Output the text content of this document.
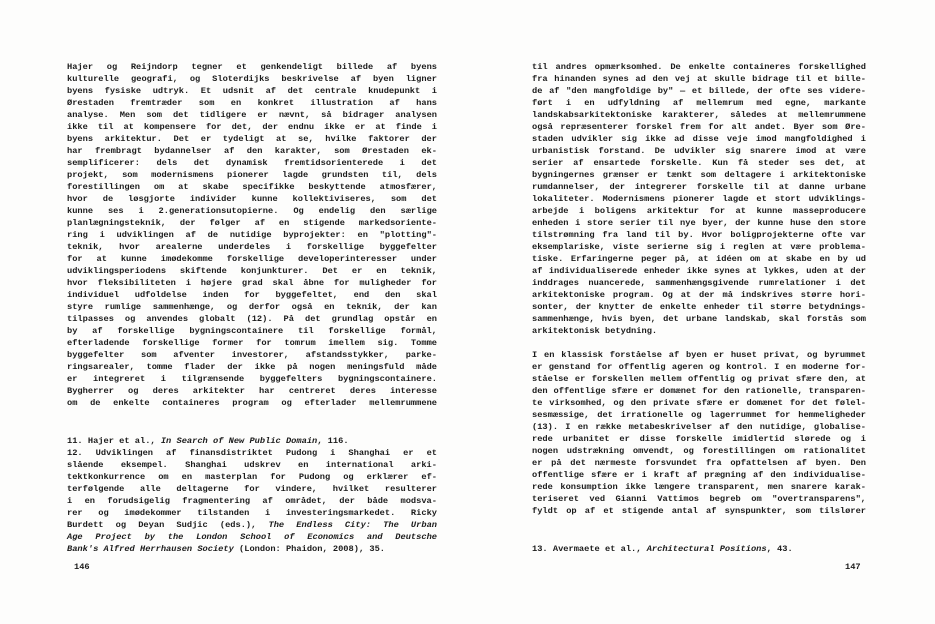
Hajer og Reijndorp tegner et genkendeligt billede af byens
kulturelle geografi, og Sloterdijks beskrivelse af byen ligner
byens fysiske udtryk. Et udsnit af det centrale knudepunkt i
Ørestaden fremtræder som en konkret illustration af hans
analyse. Men som det tidligere er nævnt, så bidrager analysen
ikke til at kompensere for det, der endnu ikke er at finde i
byens arkitektur. Det er tydeligt at se, hvilke faktorer der
har frembragt bydannelser af den karakter, som Ørestaden ek-
semplificerer: dels det dynamisk fremtidsorienterede i det
projekt, som modernismens pionerer lagde grundsten til, dels
forestillingen om at skabe specifikke beskyttende atmosfærer,
hvor de løsgjorte individer kunne kollektiviseres, som det
kunne ses i 2.generationsutopierne. Og endelig den særlige
planlægningsteknik, der følger af en stigende markedsoriente-
ring i udviklingen af de nutidige byprojekter: en "plotting"-
teknik, hvor arealerne underdeles i forskellige byggefelter
for at kunne imødekomme forskellige developerinteresser under
udviklingsperiodens skiftende konjunkturer. Det er en teknik,
hvor fleksibiliteten i højere grad skal åbne for muligheder for
individuel udfoldelse inden for byggefeltet, end den skal
styre rumlige sammenhænge, og derfor også en teknik, der kan
tilpasses og anvendes globalt (12). På det grundlag opstår en
by af forskellige bygningscontainere til forskellige formål,
efterladende forskellige former for tomrum imellem sig. Tomme
byggefelter som afventer investorer, afstandsstykker, parke-
ringsarealer, tomme flader der ikke på nogen meningsfuld måde
er integreret i tilgrænsende byggefelters bygningscontainere.
Bygherrer og deres arkitekter har centreret deres interesse
om de enkelte containeres program og efterlader mellemrummene
11. Hajer et al., In Search of New Public Domain, 116.
12. Udviklingen af finansdistriktet Pudong i Shanghai er et
slående eksempel. Shanghai udskrev en international arki-
tektkonkurrence om en masterplan for Pudong og erklærer ef-
terfølgende alle deltagerne for vindere, hvilket resulterer
i en forudsigelig fragmentering af området, der både modsva-
rer og imødekommer tilstanden i investeringsmarkedet. Ricky
Burdett og Deyan Sudjic (eds.), The Endless City: The Urban
Age Project by the London School of Economics and Deutsche
Bank's Alfred Herrhausen Society (London: Phaidon, 2008), 35.
til andres opmærksomhed. De enkelte containeres forskellighed
fra hinanden synes ad den vej at skulle bidrage til et bille-
de af "den mangfoldige by" — et billede, der ofte ses videre-
ført i en udfyldning af mellemrum med egne, markante
landskabsarkitektoniske karakterer, således at mellemrummene
også repræsenterer forskel frem for alt andet. Byer som Øre-
staden udvikler sig ikke ad disse veje imod mangfoldighed i
urbanistisk forstand. De udvikler sig snarere imod at være
serier af ensartede forskelle. Kun få steder ses det, at
bygningernes grænser er tænkt som deltagere i arkitektoniske
rumdannelser, der integrerer forskelle til at danne urbane
lokaliteter. Modernismens pionerer lagde et stort udviklings-
arbejde i boligens arkitektur for at kunne masseproducere
enheden i store serier til nye byer, der kunne huse den store
tilstrømning fra land til by. Hvor boligprojekterne ofte var
eksemplariske, viste serierne sig i reglen at være problema-
tiske. Erfaringerne peger på, at idéen om at skabe en by ud
af individualiserede enheder ikke synes at lykkes, uden at der
inddrages nuancerede, sammenhængsgivende rumrelationer i det
arkitektoniske program. Og at der må indskrives større hori-
sonter, der knytter de enkelte enheder til større betydnings-
sammenhænge, hvis byen, det urbane landskab, skal forstås som
arkitektonisk betydning.
I en klassisk forståelse af byen er huset privat, og byrummet
er genstand for offentlig ageren og kontrol. I en moderne for-
ståelse er forskellen mellem offentlig og privat sfære den, at
den offentlige sfære er domænet for den rationelle, transparen-
te virksomhed, og den private sfære er domænet for det følel-
sesmæssige, det irrationelle og lagerrummet for hemmeligheder
(13). I en række metabeskrivelser af den nutidige, globalise-
rede urbanitet er disse forskelle imidlertid slørede og i
nogen udstrækning omvendt, og forestillingen om rationalitet
er på det nærmeste forsvundet fra opfattelsen af byen. Den
offentlige sfære er i kraft af prægning af den individualise-
rede konsumption ikke længere transparent, men snarere karak-
teriseret ved Gianni Vattimos begreb om "overtransparens",
fyldt op af et stigende antal af synspunkter, som tilslører
13. Avermaete et al., Architectural Positions, 43.
146	147
